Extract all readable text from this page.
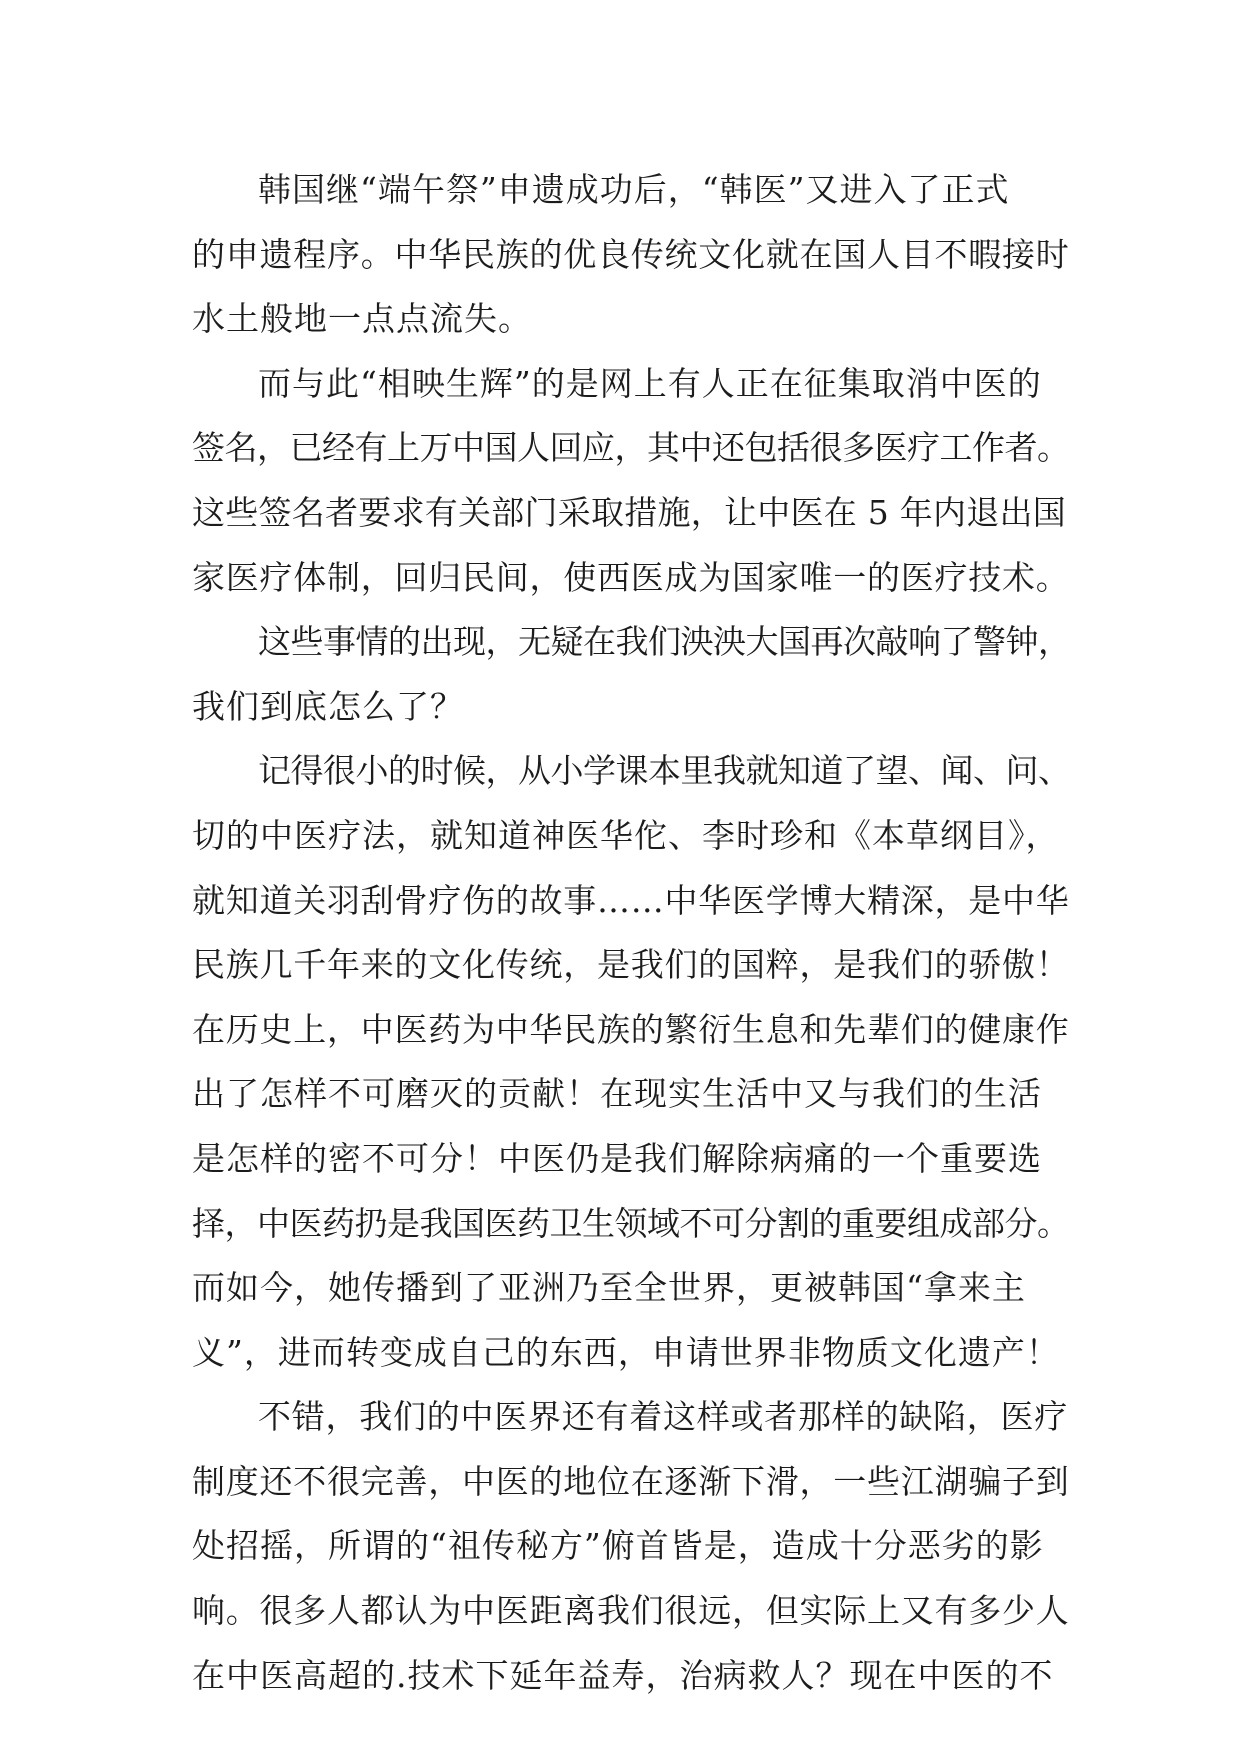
韩国继“端午祭”申遗成功后，“韩医”又进入了正式
的申遗程序。中华民族的优良传统文化就在国人目不暇接时
水土般地一点点流失。
而与此“相映生辉”的是网上有人正在征集取消中医的
签名，已经有上万中国人回应，其中还包括很多医疗工作者。
这些签名者要求有关部门采取措施，让中医在 5 年内退出国
家医疗体制，回归民间，使西医成为国家唯一的医疗技术。
这些事情的出现，无疑在我们泱泱大国再次敲响了警钟，
我们到底怎么了？
记得很小的时候，从小学课本里我就知道了望、闻、问、
切的中医疗法，就知道神医华佗、李时珍和《本草纲目》，
就知道关羽刮骨疗伤的故事……中华医学博大精深，是中华
民族几千年来的文化传统，是我们的国粹，是我们的骄傲！
在历史上，中医药为中华民族的繁衍生息和先辈们的健康作
出了怎样不可磨灭的贡献！在现实生活中又与我们的生活
是怎样的密不可分！中医仍是我们解除病痛的一个重要选
择，中医药扔是我国医药卫生领域不可分割的重要组成部分。
而如今，她传播到了亚洲乃至全世界，更被韩国“拿来主
义”，进而转变成自己的东西，申请世界非物质文化遗产！
不错，我们的中医界还有着这样或者那样的缺陷，医疗
制度还不很完善，中医的地位在逐渐下滑，一些江湖骗子到
处招摇，所谓的“祖传秘方”俯首皆是，造成十分恶劣的影
响。很多人都认为中医距离我们很远，但实际上又有多少人
在中医高超的.技术下延年益寿，治病救人？现在中医的不
